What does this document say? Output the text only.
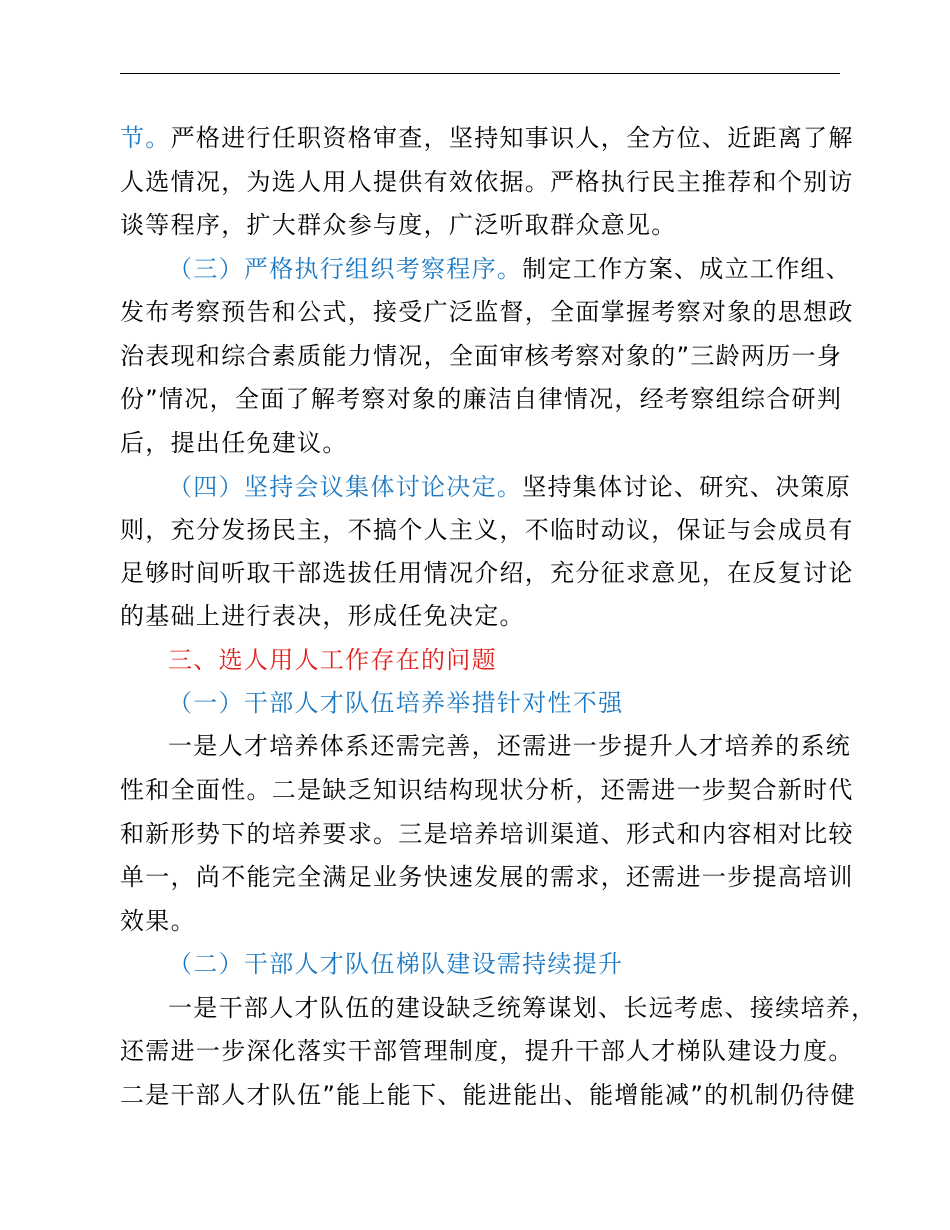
节。严格进行任职资格审查，坚持知事识人，全方位、近距离了解
人选情况，为选人用人提供有效依据。严格执行民主推荐和个别访
谈等程序，扩大群众参与度，广泛听取群众意见。
（三）严格执行组织考察程序。制定工作方案、成立工作组、
发布考察预告和公式，接受广泛监督，全面掌握考察对象的思想政
治表现和综合素质能力情况，全面审核考察对象的”三龄两历一身
份”情况，全面了解考察对象的廉洁自律情况，经考察组综合研判
后，提出任免建议。
（四）坚持会议集体讨论决定。坚持集体讨论、研究、决策原
则，充分发扬民主，不搞个人主义，不临时动议，保证与会成员有
足够时间听取干部选拔任用情况介绍，充分征求意见，在反复讨论
的基础上进行表决，形成任免决定。
三、选人用人工作存在的问题
（一）干部人才队伍培养举措针对性不强
一是人才培养体系还需完善，还需进一步提升人才培养的系统
性和全面性。二是缺乏知识结构现状分析，还需进一步契合新时代
和新形势下的培养要求。三是培养培训渠道、形式和内容相对比较
单一，尚不能完全满足业务快速发展的需求，还需进一步提高培训
效果。
（二）干部人才队伍梯队建设需持续提升
一是干部人才队伍的建设缺乏统筹谋划、长远考虑、接续培养，
还需进一步深化落实干部管理制度，提升干部人才梯队建设力度。
二是干部人才队伍”能上能下、能进能出、能增能减”的机制仍待健
